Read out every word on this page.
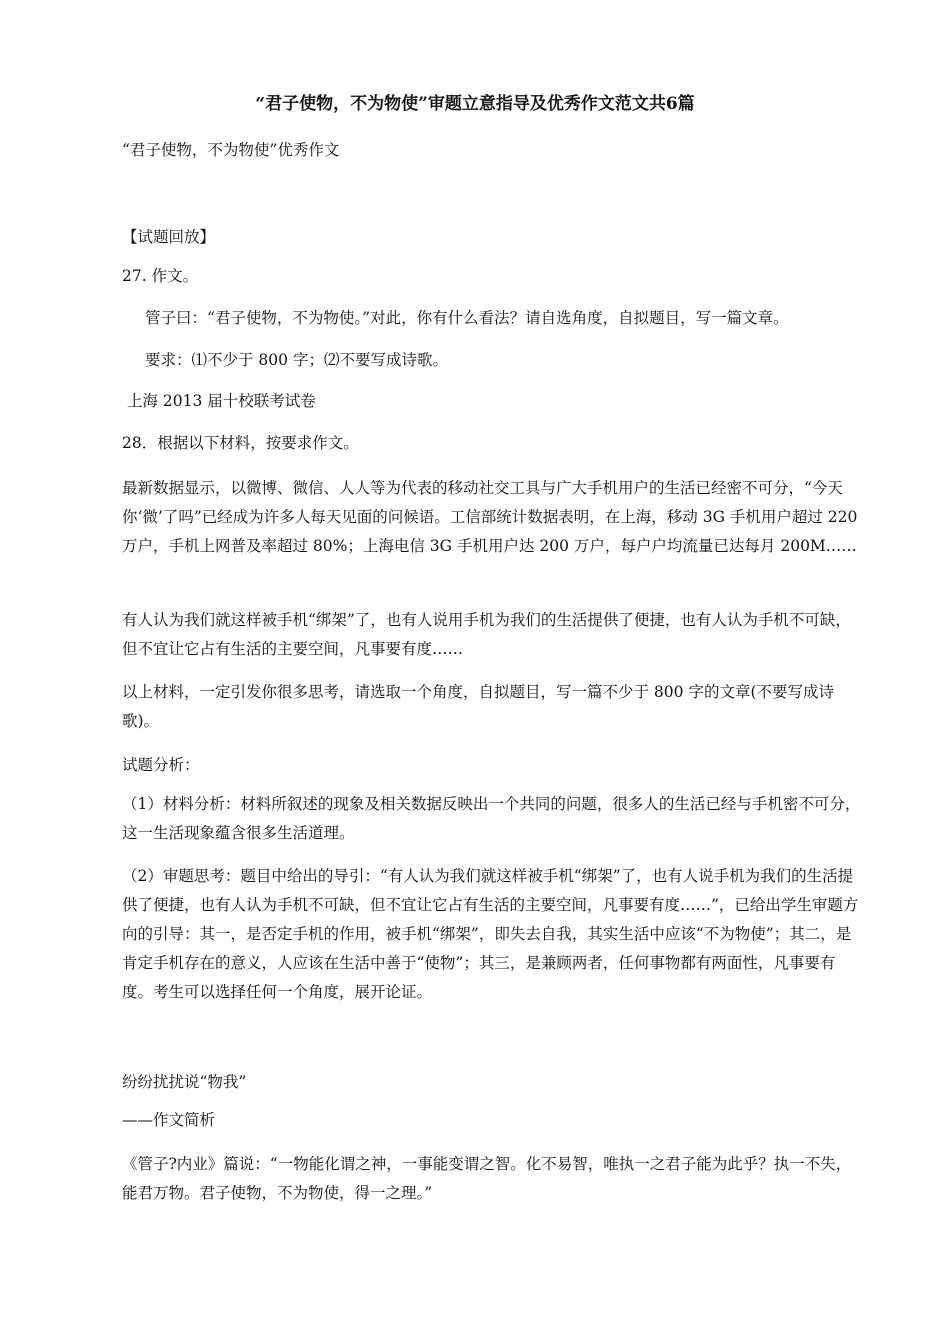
“君子使物，不为物使”审题立意指导及优秀作文范文共6篇
“君子使物，不为物使”优秀作文
【试题回放】
27. 作文。
管子曰：“君子使物，不为物使。”对此，你有什么看法？请自选角度，自拟题目，写一篇文章。
要求：⑴不少于 800 字；⑵不要写成诗歌。
上海 2013 届十校联考试卷
28．根据以下材料，按要求作文。
最新数据显示，以微博、微信、人人等为代表的移动社交工具与广大手机用户的生活已经密不可分，“今天你‘微’了吗”已经成为许多人每天见面的问候语。工信部统计数据表明，在上海，移动 3G 手机用户超过 220 万户，手机上网普及率超过 80%；上海电信 3G 手机用户达 200 万户，每户户均流量已达每月 200M……
有人认为我们就这样被手机“绑架”了，也有人说用手机为我们的生活提供了便捷，也有人认为手机不可缺，但不宜让它占有生活的主要空间，凡事要有度……
以上材料，一定引发你很多思考，请选取一个角度，自拟题目，写一篇不少于 800 字的文章(不要写成诗歌)。
试题分析：
（1）材料分析：材料所叙述的现象及相关数据反映出一个共同的问题，很多人的生活已经与手机密不可分，这一生活现象蕴含很多生活道理。
（2）审题思考：题目中给出的导引：“有人认为我们就这样被手机“绑架”了，也有人说手机为我们的生活提供了便捷，也有人认为手机不可缺，但不宜让它占有生活的主要空间，凡事要有度……”，已给出学生审题方向的引导：其一，是否定手机的作用，被手机“绑架”，即失去自我，其实生活中应该“不为物使”；其二，是肯定手机存在的意义，人应该在生活中善于“使物”；其三，是兼顾两者，任何事物都有两面性，凡事要有度。考生可以选择任何一个角度，展开论证。
纷纷扰扰说“物我”
——作文简析
《管子?内业》篇说：“一物能化谓之神，一事能变谓之智。化不易智，唯执一之君子能为此乎？执一不失，能君万物。君子使物，不为物使，得一之理。”
